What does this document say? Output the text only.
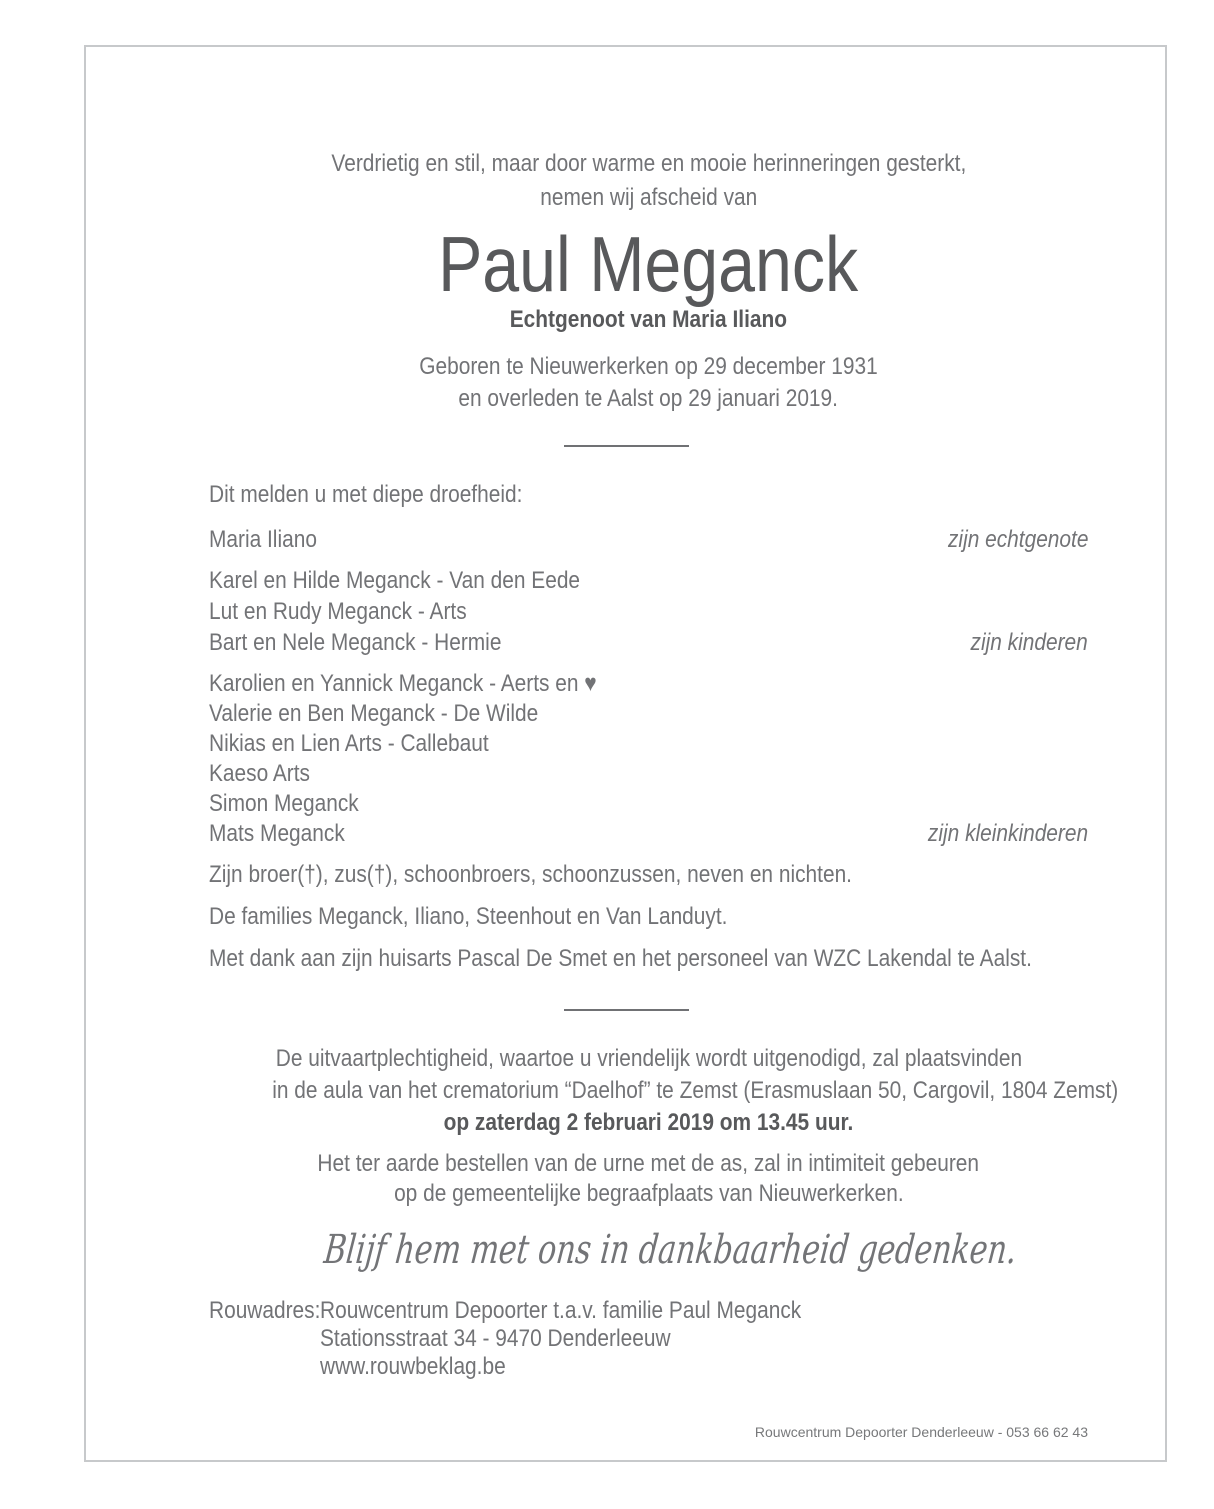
Verdrietig en stil, maar door warme en mooie herinneringen gesterkt,
nemen wij afscheid van
Paul Meganck
Echtgenoot van Maria Iliano
Geboren te Nieuwerkerken op 29 december 1931
en overleden te Aalst op 29 januari 2019.
Dit melden u met diepe droefheid:
Maria Iliano	zijn echtgenote
Karel en Hilde Meganck - Van den Eede
Lut en Rudy Meganck - Arts
Bart en Nele Meganck - Hermie	zijn kinderen
Karolien en Yannick Meganck - Aerts en ♥
Valerie en Ben Meganck - De Wilde
Nikias en Lien Arts - Callebaut
Kaeso Arts
Simon Meganck
Mats Meganck	zijn kleinkinderen
Zijn broer(†), zus(†), schoonbroers, schoonzussen, neven en nichten.
De families Meganck, Iliano, Steenhout en Van Landuyt.
Met dank aan zijn huisarts Pascal De Smet en het personeel van WZC Lakendal te Aalst.
De uitvaartplechtigheid, waartoe u vriendelijk wordt uitgenodigd, zal plaatsvinden
in de aula van het crematorium “Daelhof” te Zemst (Erasmuslaan 50, Cargovil, 1804 Zemst)
op zaterdag 2 februari 2019 om 13.45 uur.
Het ter aarde bestellen van de urne met de as, zal in intimiteit gebeuren
op de gemeentelijke begraafplaats van Nieuwerkerken.
Blijf hem met ons in dankbaarheid gedenken.
Rouwadres: Rouwcentrum Depoorter t.a.v. familie Paul Meganck
Stationsstraat 34 - 9470 Denderleeuw
www.rouwbeklag.be
Rouwcentrum Depoorter Denderleeuw - 053 66 62 43
